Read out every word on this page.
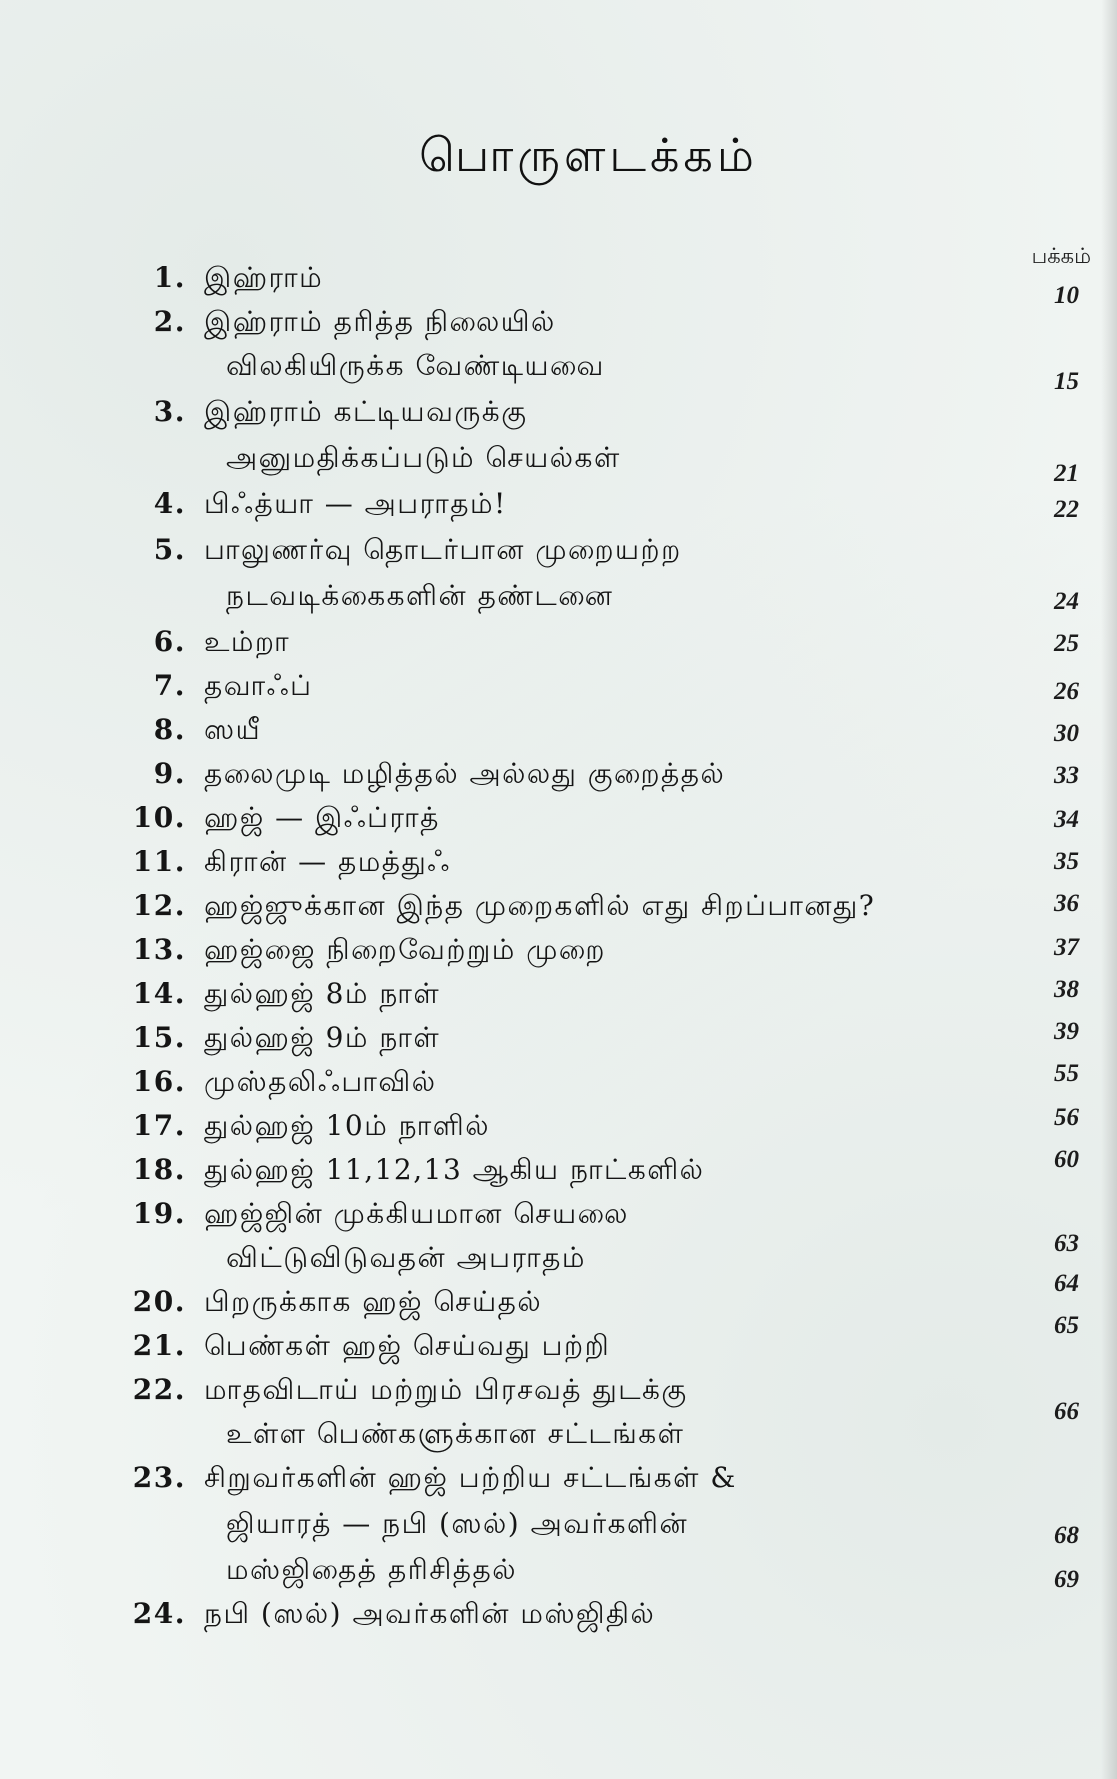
பொருளடக்கம்
பக்கம்
1. இஹ்ராம்
2. இஹ்ராம் தரித்த நிலையில்
விலகியிருக்க வேண்டியவை
3. இஹ்ராம் கட்டியவருக்கு
அனுமதிக்கப்படும் செயல்கள்
4. பிஃத்யா — அபராதம்!
5. பாலுணர்வு தொடர்பான முறையற்ற
நடவடிக்கைகளின் தண்டனை
6. உம்றா
7. தவாஃப்
8. ஸயீ
9. தலைமுடி மழித்தல் அல்லது குறைத்தல்
10. ஹஜ் — இஃப்ராத்
11. கிரான் — தமத்துஃ
12. ஹஜ்ஜுக்கான இந்த முறைகளில் எது சிறப்பானது?
13. ஹஜ்ஜை நிறைவேற்றும் முறை
14. துல்ஹஜ் 8ம் நாள்
15. துல்ஹஜ் 9ம் நாள்
16. முஸ்தலிஃபாவில்
17. துல்ஹஜ் 10ம் நாளில்
18. துல்ஹஜ் 11,12,13 ஆகிய நாட்களில்
19. ஹஜ்ஜின் முக்கியமான செயலை
விட்டுவிடுவதன் அபராதம்
20. பிறருக்காக ஹஜ் செய்தல்
21. பெண்கள் ஹஜ் செய்வது பற்றி
22. மாதவிடாய் மற்றும் பிரசவத் துடக்கு
உள்ள பெண்களுக்கான சட்டங்கள்
23. சிறுவர்களின் ஹஜ் பற்றிய சட்டங்கள் &
ஜியாரத் — நபி (ஸல்) அவர்களின்
மஸ்ஜிதைத் தரிசித்தல்
24. நபி (ஸல்) அவர்களின் மஸ்ஜிதில்
10
15
21
22
24
25
26
30
33
34
35
36
37
38
39
55
56
60
63
64
65
66
68
69
